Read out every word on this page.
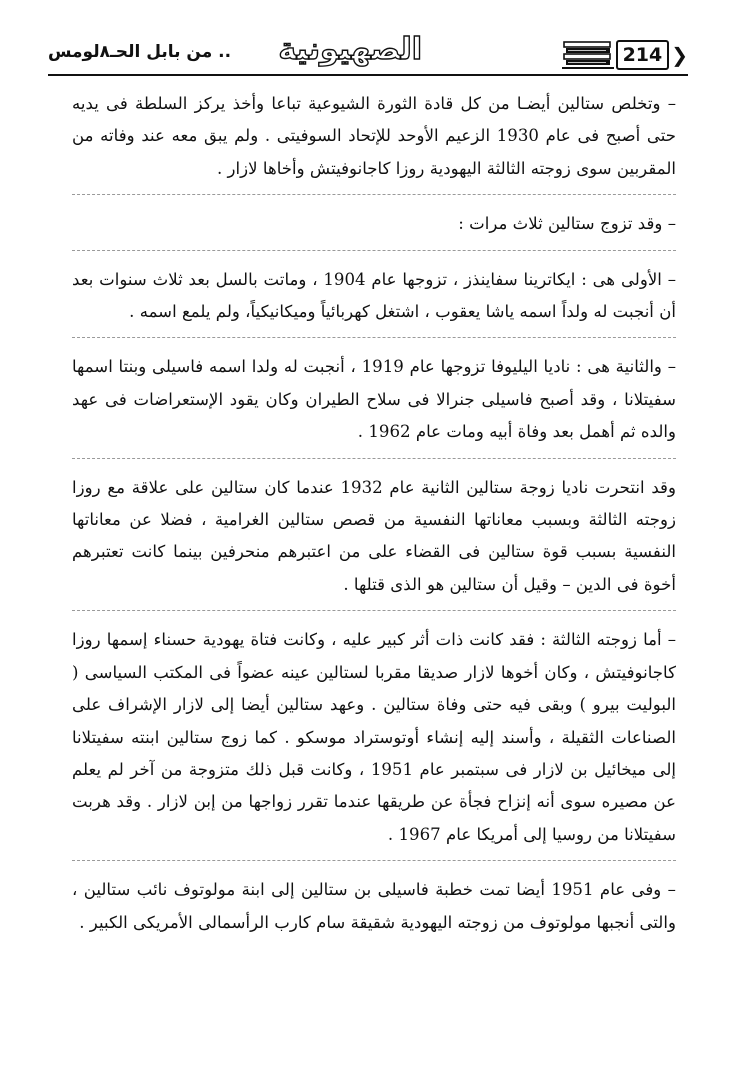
.. من بابل الحـ٨لومس الصهيونية	214 ❯

– وتخلص ستالين أيضـا من كل قادة الثورة الشيوعية تباعا وأخذ يركز السلطة فى يديه حتى أصبح فى عام 1930 الزعيم الأوحد للإتحاد السوفيتى . ولم يبق معه عند وفاته من المقربين سوى زوجته الثالثة اليهودية روزا كاجانوفيتش وأخاها لازار .

– وقد تزوج ستالين ثلاث مرات :

– الأولى هى : ايكاترينا سفاينذز ، تزوجها عام 1904 ، وماتت بالسل بعد ثلاث سنوات بعد أن أنجبت له ولداً اسمه ياشا يعقوب ، اشتغل كهربائياً وميكانيكياً، ولم يلمع اسمه .

– والثانية هى : ناديا اليليوفا تزوجها عام 1919 ، أنجبت له ولدا اسمه فاسيلى وبنتا اسمها سفيتلانا ، وقد أصبح فاسيلى جنرالا فى سلاح الطيران وكان يقود الإستعراضات فى عهد والده ثم أهمل بعد وفاة أبيه ومات عام 1962 .

وقد انتحرت ناديا زوجة ستالين الثانية عام 1932 عندما كان ستالين على علاقة مع روزا زوجته الثالثة وبسبب معاناتها النفسية من قصص ستالين الغرامية ، فضلا عن معاناتها النفسية بسبب قوة ستالين فى القضاء على من اعتبرهم منحرفين بينما كانت تعتبرهم أخوة فى الدين – وقيل أن ستالين هو الذى قتلها .

– أما زوجته الثالثة : فقد كانت ذات أثر كبير عليه ، وكانت فتاة يهودية حسناء إسمها روزا كاجانوفيتش ، وكان أخوها لازار صديقا مقربا لستالين عينه عضواً فى المكتب السياسى ( البوليت بيرو ) وبقى فيه حتى وفاة ستالين . وعهد ستالين أيضا إلى لازار الإشراف على الصناعات الثقيلة ، وأسند إليه إنشاء أوتوستراد موسكو . كما زوج ستالين ابنته سفيتلانا إلى ميخائيل بن لازار فى سبتمبر عام 1951 ، وكانت قبل ذلك متزوجة من آخر لم يعلم عن مصيره سوى أنه إنزاح فجأة عن طريقها عندما تقرر زواجها من إبن لازار . وقد هربت سفيتلانا من روسيا إلى أمريكا عام 1967 .

– وفى عام 1951 أيضا تمت خطبة فاسيلى بن ستالين إلى ابنة مولوتوف نائب ستالين ، والتى أنجبها مولوتوف من زوجته اليهودية شقيقة سام كارب الرأسمالى الأمريكى الكبير .
